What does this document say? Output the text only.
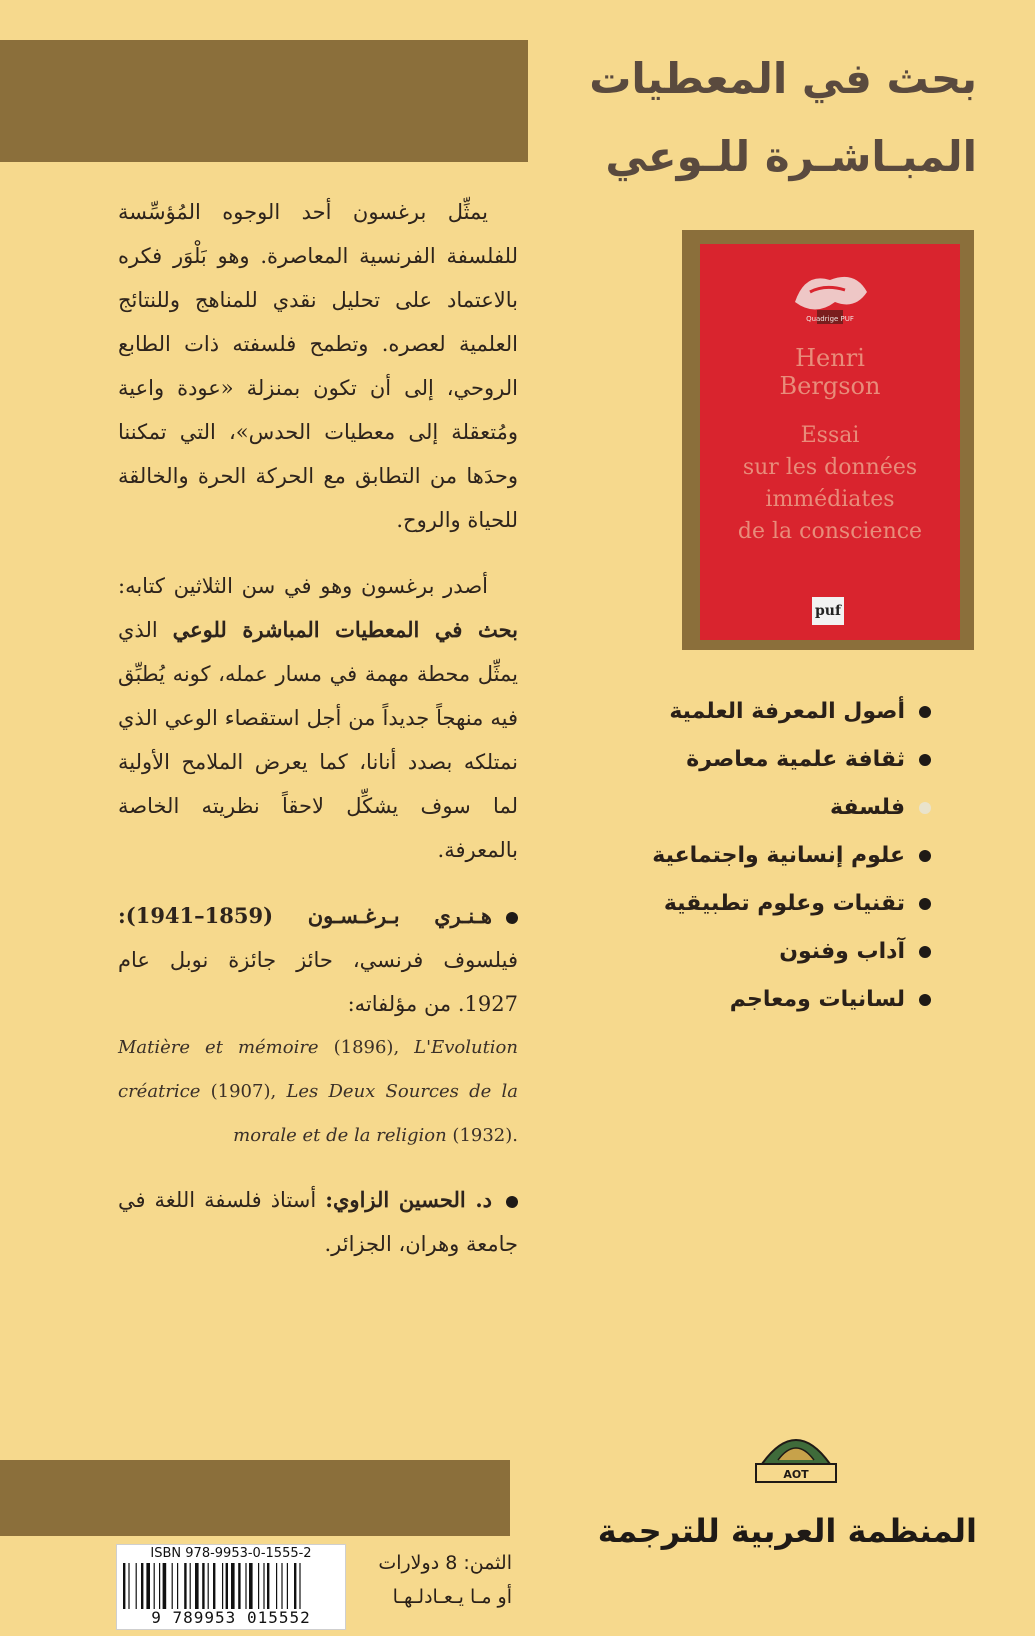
بحث في المعطيات
المبـاشـرة للـوعي
Quadrige PUF
Henri
Bergson
Essai
sur les données
immédiates
de la conscience
puf
أصول المعرفة العلمية
ثقافة علمية معاصرة
فلسفة
علوم إنسانية واجتماعية
تقنيات وعلوم تطبيقية
آداب وفنون
لسانيات ومعاجم

يمثِّل برغسون أحد الوجوه المُؤسِّسة للفلسفة الفرنسية المعاصرة. وهو بَلْوَر فكره بالاعتماد على تحليل نقدي للمناهج وللنتائج العلمية لعصره. وتطمح فلسفته ذات الطابع الروحي، إلى أن تكون بمنزلة «عودة واعية ومُتعقلة إلى معطيات الحدس»، التي تمكننا وحدَها من التطابق مع الحركة الحرة والخالقة للحياة والروح.

أصدر برغسون وهو في سن الثلاثين كتابه: بحث في المعطيات المباشرة للوعي الذي يمثِّل محطة مهمة في مسار عمله، كونه يُطبِّق فيه منهجاً جديداً من أجل استقصاء الوعي الذي نمتلكه بصدد أنانا، كما يعرض الملامح الأولية لما سوف يشكِّل لاحقاً نظريته الخاصة بالمعرفة.

هـنـري بـرغـسـون (1859–1941): فيلسوف فرنسي، حائز جائزة نوبل عام 1927. من مؤلفاته:

Matière et mémoire (1896), L'Evolution créatrice (1907), Les Deux Sources de la morale et de la religion (1932).

د. الحسين الزاوي: أستاذ فلسفة اللغة في جامعة وهران، الجزائر.

AOT
المنظمة العربية للترجمة
الثمن: 8 دولارات
أو مـا يـعـادلـهـا
ISBN 978-9953-0-1555-2
9 789953 015552
